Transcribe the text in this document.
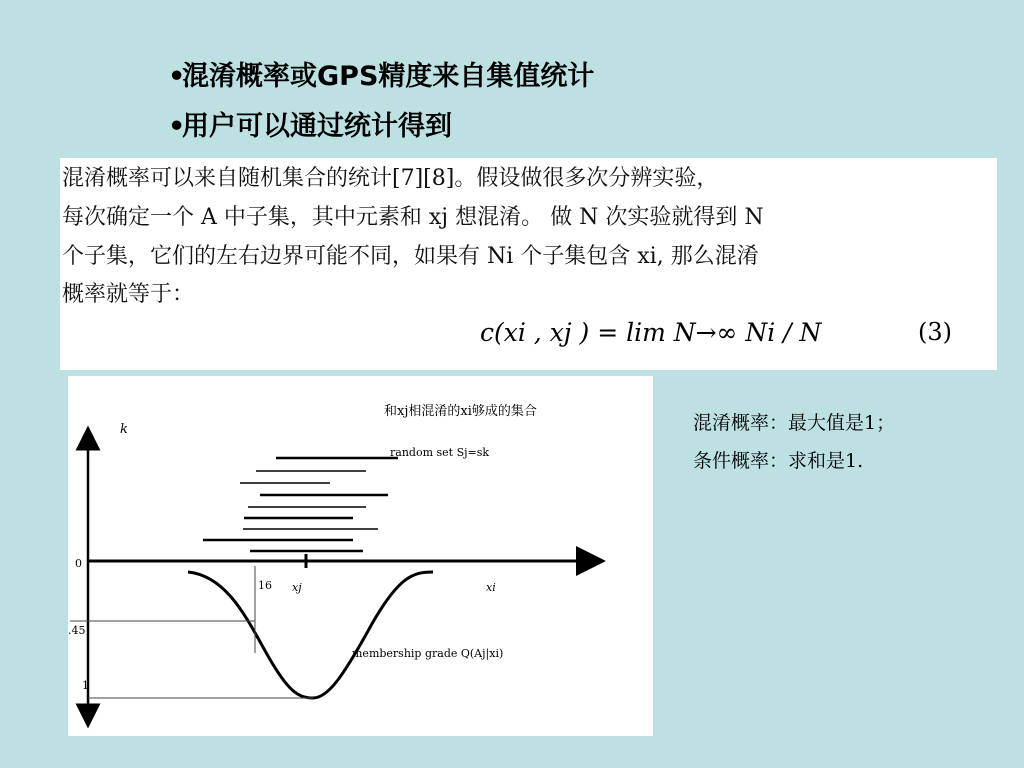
•混淆概率或GPS精度来自集值统计
•用户可以通过统计得到
混淆概率可以来自随机集合的统计[7][8]。假设做很多次分辨实验，
每次确定一个 A 中子集，其中元素和 xj 想混淆。 做 N 次实验就得到 N
个子集，它们的左右边界可能不同，如果有 Ni 个子集包含 xi, 那么混淆
概率就等于：
c(xi , xj ) = lim N→∞ Ni / N	(3)
和xj相混淆的xi够成的集合
k
random set Sj=sk
0
16 xj	xi
.45
membership grade Q(Aj|xi)
1
混淆概率：最大值是1；
条件概率：求和是1.
